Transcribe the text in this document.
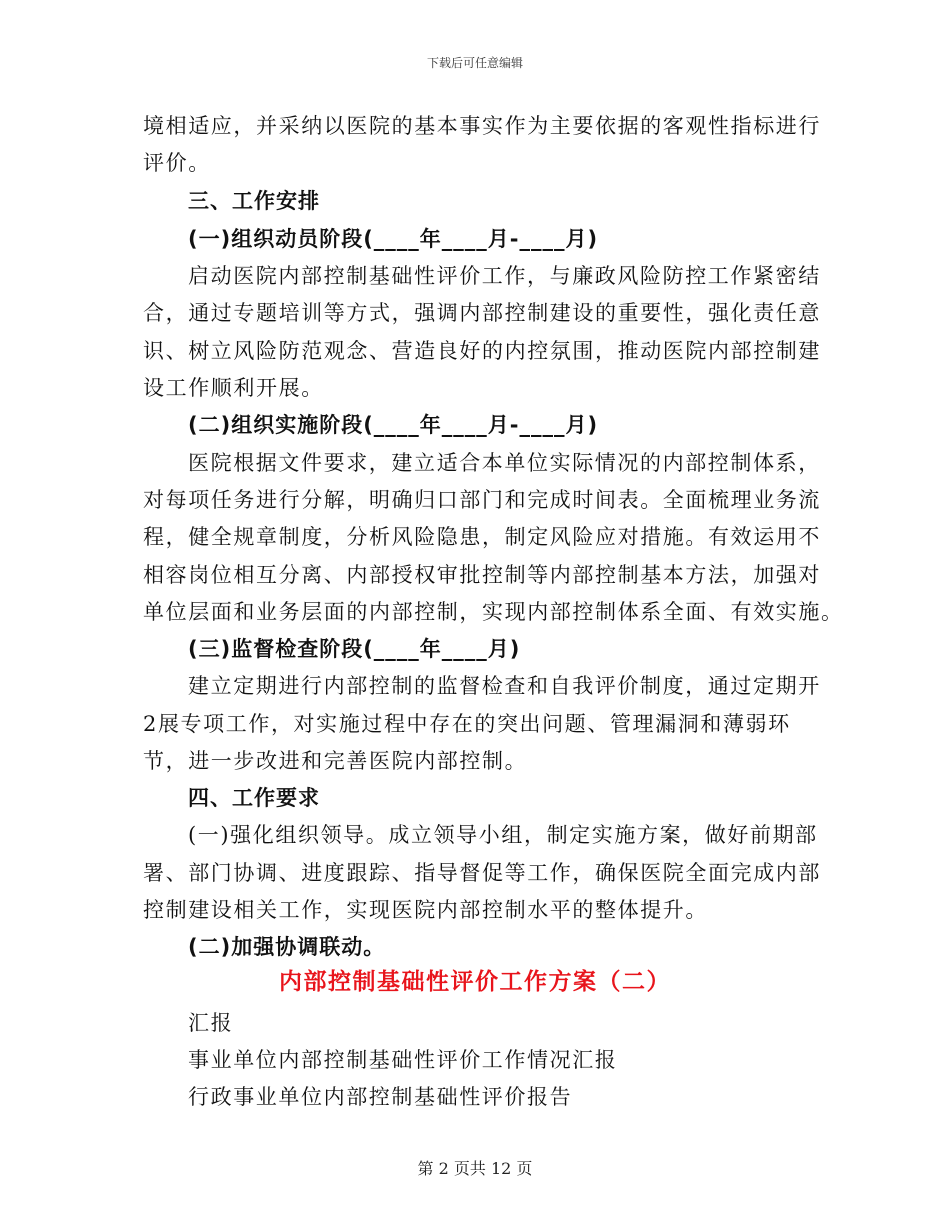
下载后可任意编辑
境相适应，并采纳以医院的基本事实作为主要依据的客观性指标进行
评价。
三、工作安排
(一)组织动员阶段(____年____月-____月)
启动医院内部控制基础性评价工作，与廉政风险防控工作紧密结
合，通过专题培训等方式，强调内部控制建设的重要性，强化责任意
识、树立风险防范观念、营造良好的内控氛围，推动医院内部控制建
设工作顺利开展。
(二)组织实施阶段(____年____月-____月)
医院根据文件要求，建立适合本单位实际情况的内部控制体系，
对每项任务进行分解，明确归口部门和完成时间表。全面梳理业务流
程，健全规章制度，分析风险隐患，制定风险应对措施。有效运用不
相容岗位相互分离、内部授权审批控制等内部控制基本方法，加强对
单位层面和业务层面的内部控制，实现内部控制体系全面、有效实施。
(三)监督检查阶段(____年____月)
建立定期进行内部控制的监督检查和自我评价制度，通过定期开
2展专项工作，对实施过程中存在的突出问题、管理漏洞和薄弱环
节，进一步改进和完善医院内部控制。
四、工作要求
(一)强化组织领导。成立领导小组，制定实施方案，做好前期部
署、部门协调、进度跟踪、指导督促等工作，确保医院全面完成内部
控制建设相关工作，实现医院内部控制水平的整体提升。
(二)加强协调联动。
内部控制基础性评价工作方案（二）
汇报
事业单位内部控制基础性评价工作情况汇报
行政事业单位内部控制基础性评价报告
第 2 页共 12 页
